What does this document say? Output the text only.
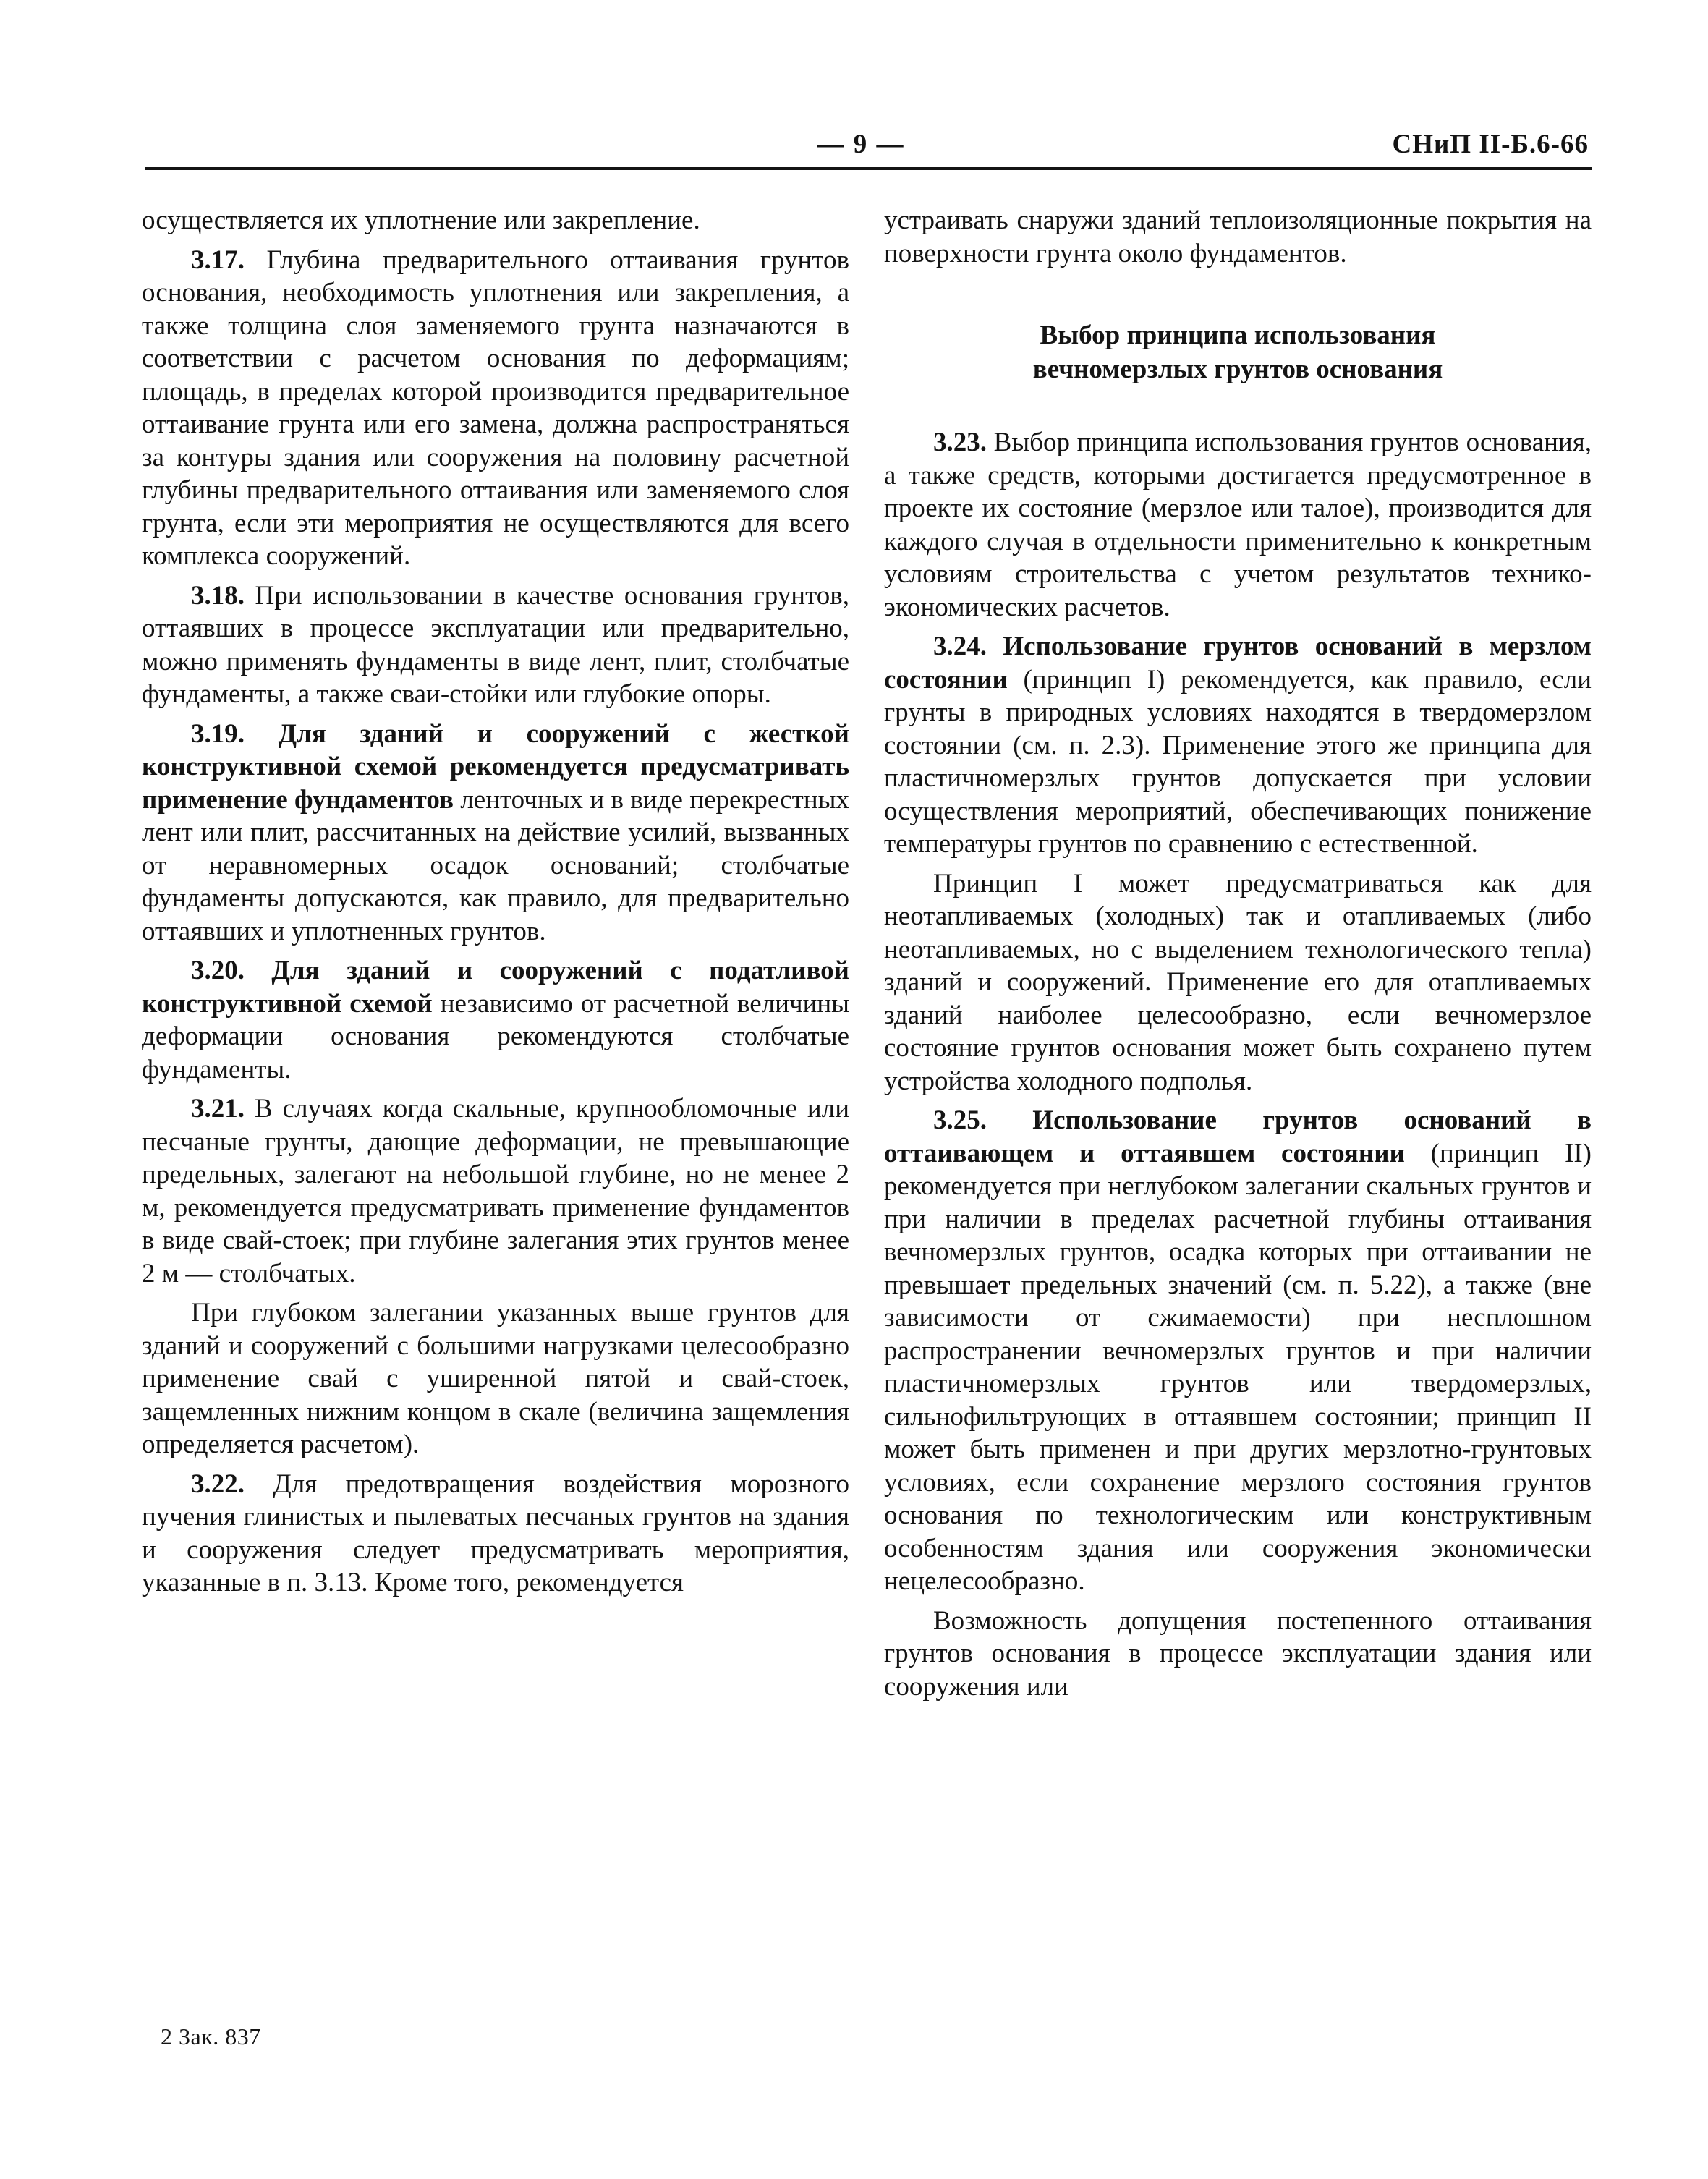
— 9 —	СНиП II-Б.6-66

осуществляется их уплотнение или закрепление.

3.17. Глубина предварительного оттаивания грунтов основания, необходимость уплотнения или закрепления, а также толщина слоя заменяемого грунта назначаются в соответствии с расчетом основания по деформациям; площадь, в пределах которой производится предварительное оттаивание грунта или его замена, должна распространяться за контуры здания или сооружения на половину расчетной глубины предварительного оттаивания или заменяемого слоя грунта, если эти мероприятия не осуществляются для всего комплекса сооружений.

3.18. При использовании в качестве основания грунтов, оттаявших в процессе эксплуатации или предварительно, можно применять фундаменты в виде лент, плит, столбчатые фундаменты, а также сваи-стойки или глубокие опоры.

3.19. Для зданий и сооружений с жесткой конструктивной схемой рекомендуется предусматривать применение фундаментов ленточных и в виде перекрестных лент или плит, рассчитанных на действие усилий, вызванных от неравномерных осадок оснований; столбчатые фундаменты допускаются, как правило, для предварительно оттаявших и уплотненных грунтов.

3.20. Для зданий и сооружений с податливой конструктивной схемой независимо от расчетной величины деформации основания рекомендуются столбчатые фундаменты.

3.21. В случаях когда скальные, крупнообломочные или песчаные грунты, дающие деформации, не превышающие предельных, залегают на небольшой глубине, но не менее 2 м, рекомендуется предусматривать применение фундаментов в виде свай-стоек; при глубине залегания этих грунтов менее 2 м — столбчатых.

При глубоком залегании указанных выше грунтов для зданий и сооружений с большими нагрузками целесообразно применение свай с уширенной пятой и свай-стоек, защемленных нижним концом в скале (величина защемления определяется расчетом).

3.22. Для предотвращения воздействия морозного пучения глинистых и пылеватых песчаных грунтов на здания и сооружения следует предусматривать мероприятия, указанные в п. 3.13. Кроме того, рекомендуется

устраивать снаружи зданий теплоизоляционные покрытия на поверхности грунта около фундаментов.

Выбор принципа использования
вечномерзлых грунтов основания

3.23. Выбор принципа использования грунтов основания, а также средств, которыми достигается предусмотренное в проекте их состояние (мерзлое или талое), производится для каждого случая в отдельности применительно к конкретным условиям строительства с учетом результатов технико-экономических расчетов.

3.24. Использование грунтов оснований в мерзлом состоянии (принцип I) рекомендуется, как правило, если грунты в природных условиях находятся в твердомерзлом состоянии (см. п. 2.3). Применение этого же принципа для пластичномерзлых грунтов допускается при условии осуществления мероприятий, обеспечивающих понижение температуры грунтов по сравнению с естественной.

Принцип I может предусматриваться как для неотапливаемых (холодных) так и отапливаемых (либо неотапливаемых, но с выделением технологического тепла) зданий и сооружений. Применение его для отапливаемых зданий наиболее целесообразно, если вечномерзлое состояние грунтов основания может быть сохранено путем устройства холодного подполья.

3.25. Использование грунтов оснований в оттаивающем и оттаявшем состоянии (принцип II) рекомендуется при неглубоком залегании скальных грунтов и при наличии в пределах расчетной глубины оттаивания вечномерзлых грунтов, осадка которых при оттаивании не превышает предельных значений (см. п. 5.22), а также (вне зависимости от сжимаемости) при несплошном распространении вечномерзлых грунтов и при наличии пластичномерзлых грунтов или твердомерзлых, сильнофильтрующих в оттаявшем состоянии; принцип II может быть применен и при других мерзлотно-грунтовых условиях, если сохранение мерзлого состояния грунтов основания по технологическим или конструктивным особенностям здания или сооружения экономически нецелесообразно.

Возможность допущения постепенного оттаивания грунтов основания в процессе эксплуатации здания или сооружения или

2 Зак. 837
